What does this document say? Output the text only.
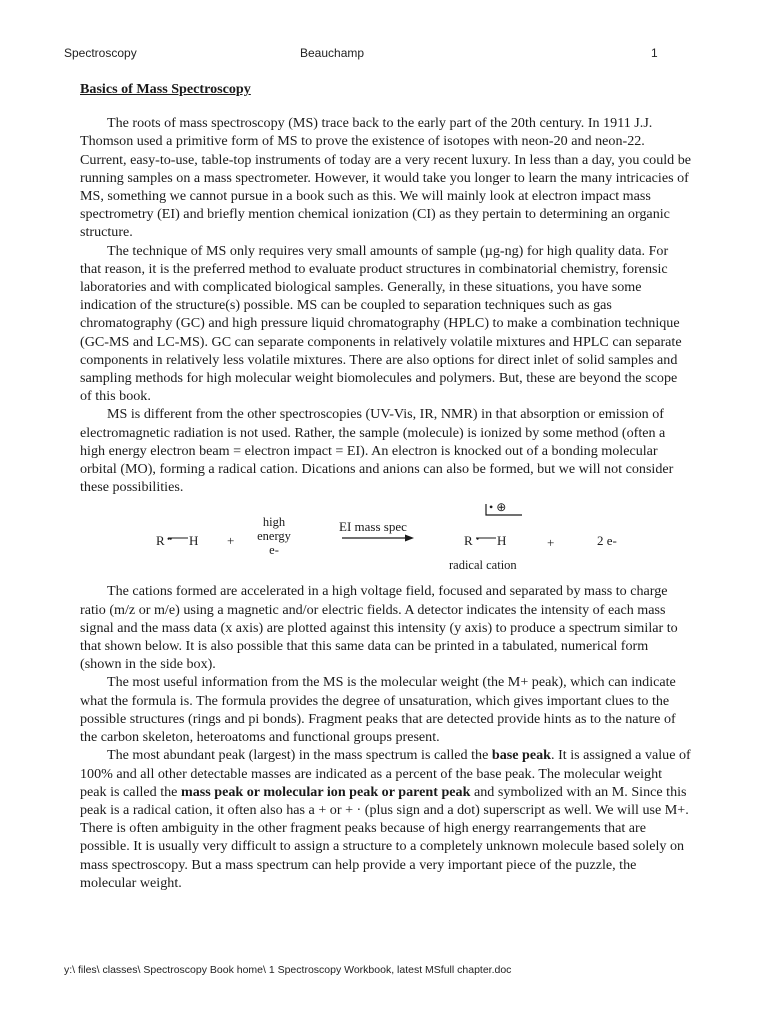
Spectroscopy	Beauchamp	1
Basics of Mass Spectroscopy

The roots of mass spectroscopy (MS) trace back to the early part of the 20th century. In 1911 J.J. Thomson used a primitive form of MS to prove the existence of isotopes with neon-20 and neon-22. Current, easy-to-use, table-top instruments of today are a very recent luxury. In less than a day, you could be running samples on a mass spectrometer. However, it would take you longer to learn the many intricacies of MS, something we cannot pursue in a book such as this. We will mainly look at electron impact mass spectrometry (EI) and briefly mention chemical ionization (CI) as they pertain to determining an organic structure.

The technique of MS only requires very small amounts of sample (µg-ng) for high quality data. For that reason, it is the preferred method to evaluate product structures in combinatorial chemistry, forensic laboratories and with complicated biological samples. Generally, in these situations, you have some indication of the structure(s) possible. MS can be coupled to separation techniques such as gas chromatography (GC) and high pressure liquid chromatography (HPLC) to make a combination technique (GC-MS and LC-MS). GC can separate components in relatively volatile mixtures and HPLC can separate components in relatively less volatile mixtures. There are also options for direct inlet of solid samples and sampling methods for high molecular weight biomolecules and polymers. But, these are beyond the scope of this book.

MS is different from the other spectroscopies (UV-Vis, IR, NMR) in that absorption or emission of electromagnetic radiation is not used. Rather, the sample (molecule) is ionized by some method (often a high energy electron beam = electron impact = EI). An electron is knocked out of a bonding molecular orbital (MO), forming a radical cation. Dications and anions can also be formed, but we will not consider these possibilities.

R •• H +
high
energy
e-
EI mass spec
• ⊕
R • H
radical cation
+	2 e-

The cations formed are accelerated in a high voltage field, focused and separated by mass to charge ratio (m/z or m/e) using a magnetic and/or electric fields. A detector indicates the intensity of each mass signal and the mass data (x axis) are plotted against this intensity (y axis) to produce a spectrum similar to that shown below. It is also possible that this same data can be printed in a tabulated, numerical form (shown in the side box).

The most useful information from the MS is the molecular weight (the M+ peak), which can indicate what the formula is. The formula provides the degree of unsaturation, which gives important clues to the possible structures (rings and pi bonds). Fragment peaks that are detected provide hints as to the nature of the carbon skeleton, heteroatoms and functional groups present.

The most abundant peak (largest) in the mass spectrum is called the base peak. It is assigned a value of 100% and all other detectable masses are indicated as a percent of the base peak. The molecular weight peak is called the mass peak or molecular ion peak or parent peak and symbolized with an M. Since this peak is a radical cation, it often also has a + or + · (plus sign and a dot) superscript as well. We will use M+. There is often ambiguity in the other fragment peaks because of high energy rearrangements that are possible. It is usually very difficult to assign a structure to a completely unknown molecule based solely on mass spectroscopy. But a mass spectrum can help provide a very important piece of the puzzle, the molecular weight.

y:\ files\ classes\ Spectroscopy Book home\ 1 Spectroscopy Workbook, latest MSfull chapter.doc
